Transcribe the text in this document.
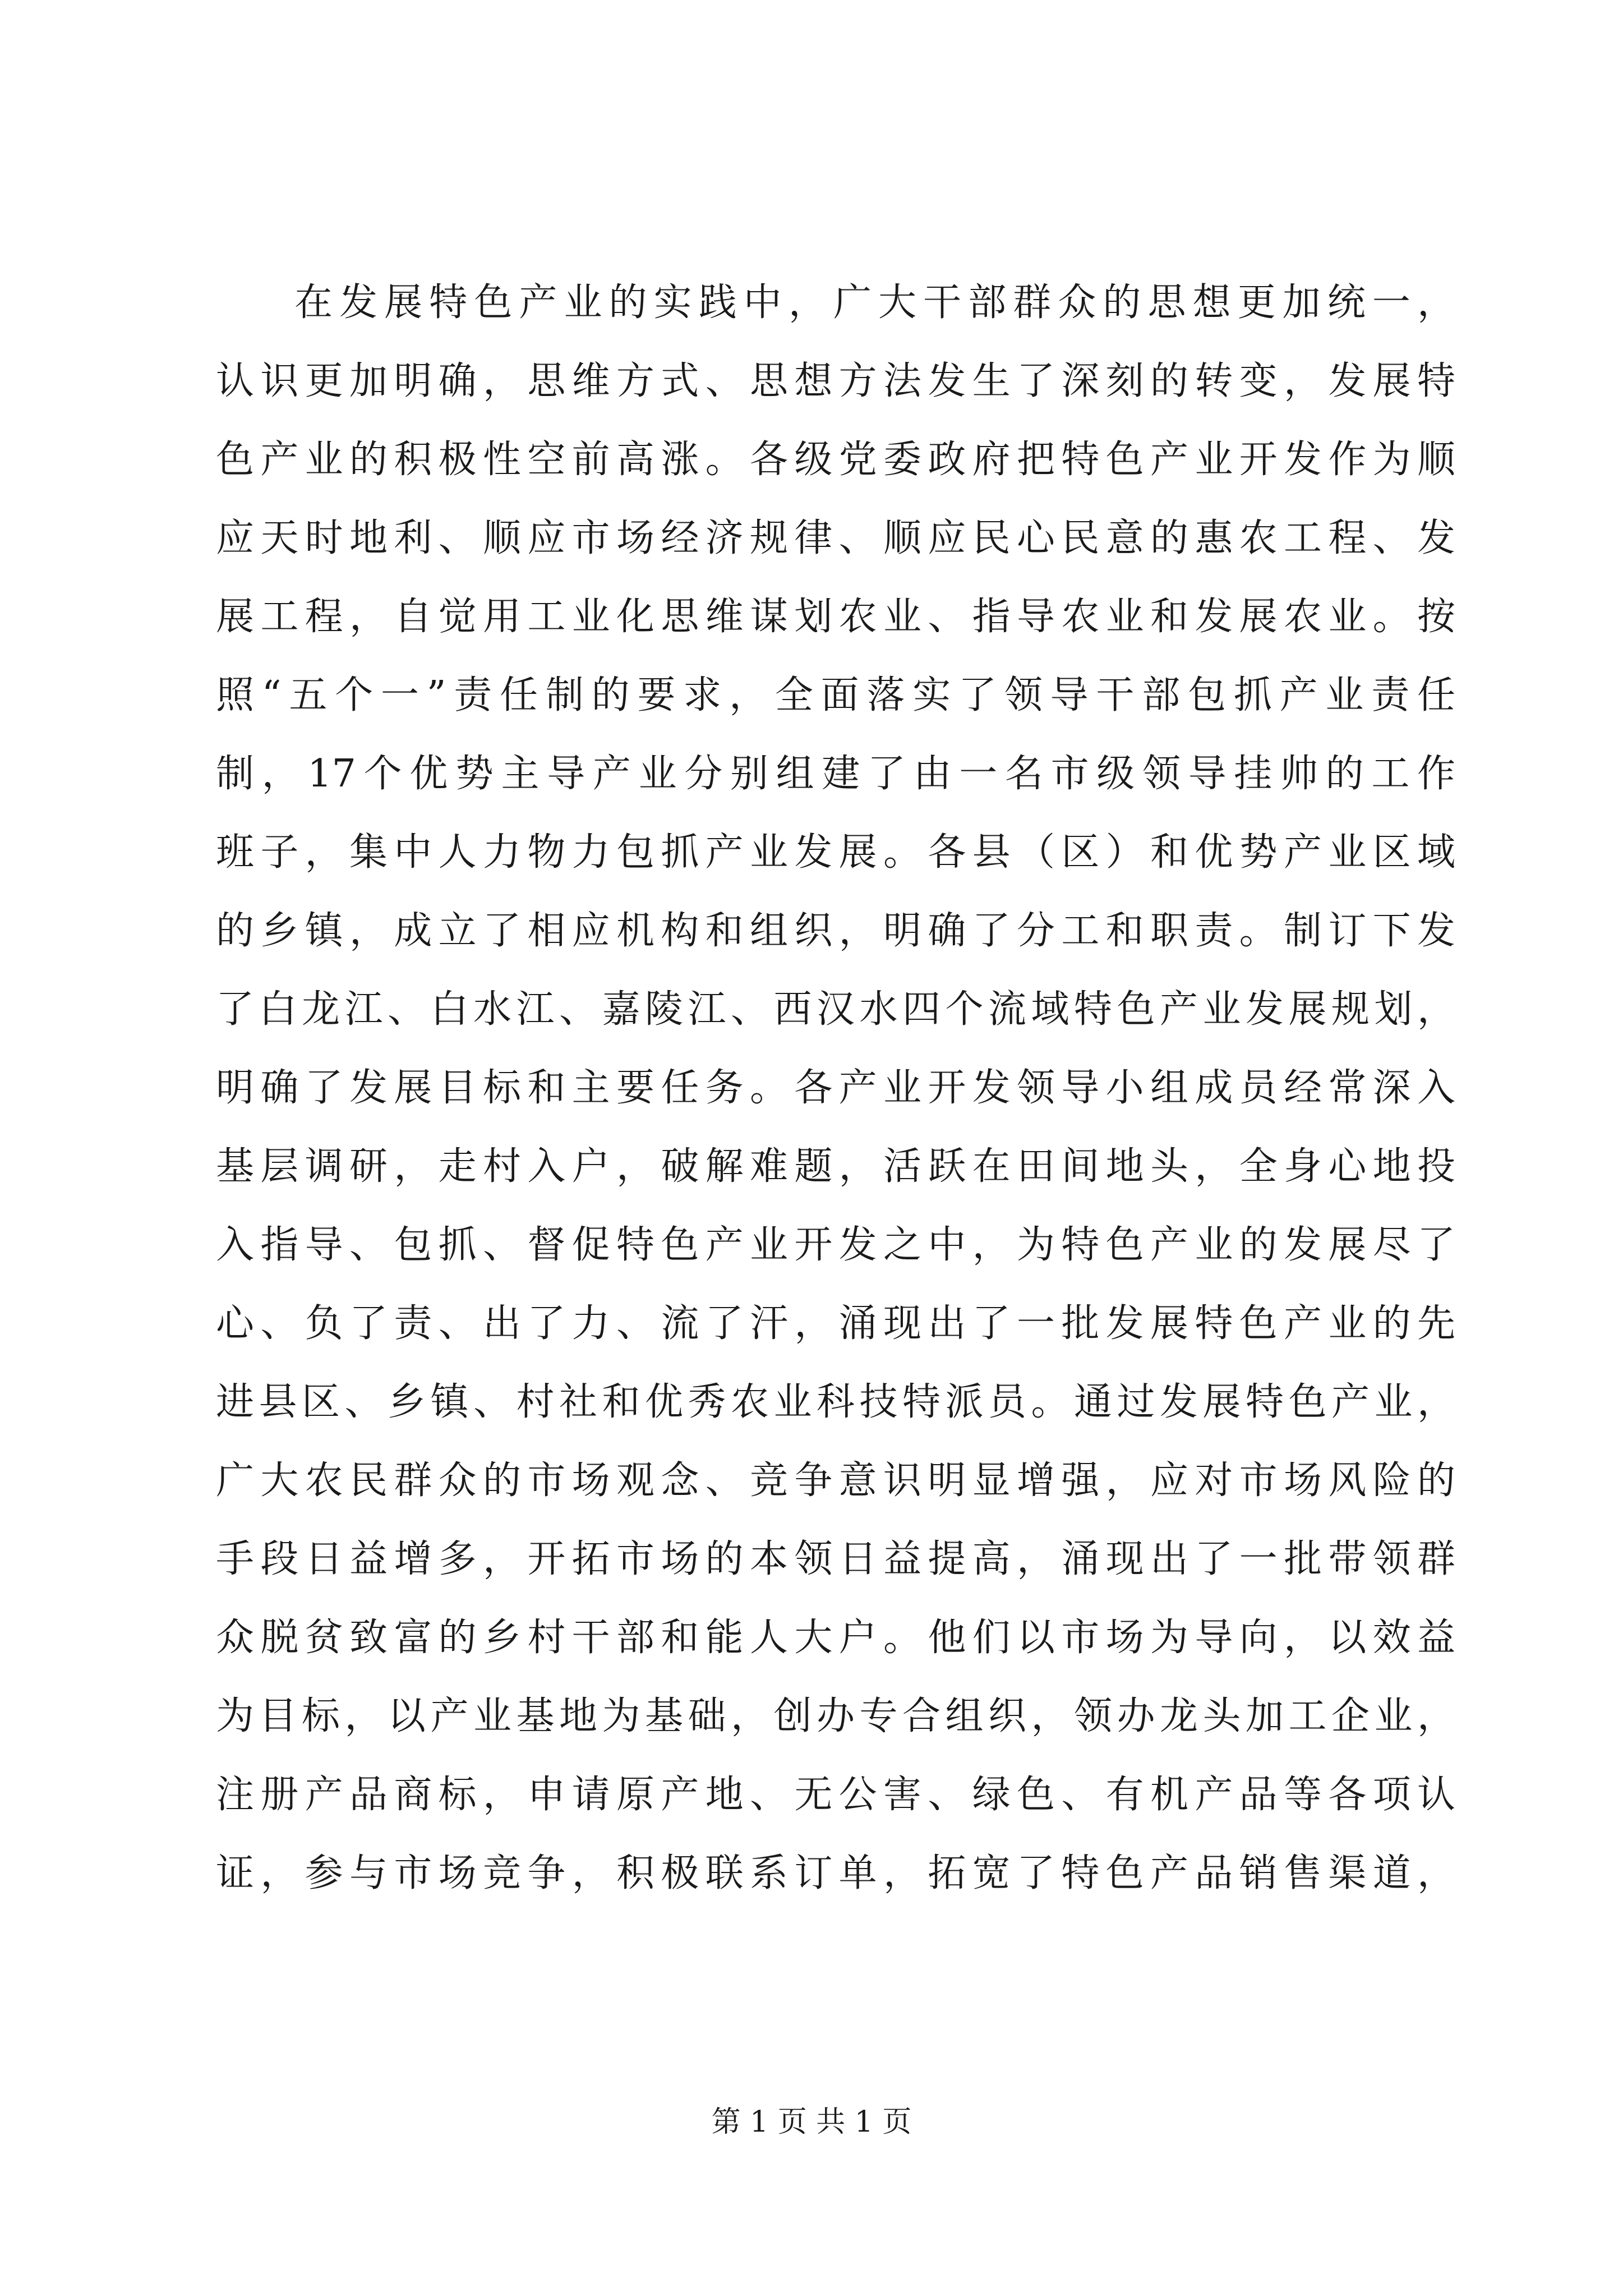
在发展特色产业的实践中，广大干部群众的思想更加统一，
认识更加明确，思维方式、思想方法发生了深刻的转变，发展特
色产业的积极性空前高涨。各级党委政府把特色产业开发作为顺
应天时地利、顺应市场经济规律、顺应民心民意的惠农工程、发
展工程，自觉用工业化思维谋划农业、指导农业和发展农业。按
照“五个一”责任制的要求，全面落实了领导干部包抓产业责任
制，17个优势主导产业分别组建了由一名市级领导挂帅的工作
班子，集中人力物力包抓产业发展。各县（区）和优势产业区域
的乡镇，成立了相应机构和组织，明确了分工和职责。制订下发
了白龙江、白水江、嘉陵江、西汉水四个流域特色产业发展规划，
明确了发展目标和主要任务。各产业开发领导小组成员经常深入
基层调研，走村入户，破解难题，活跃在田间地头，全身心地投
入指导、包抓、督促特色产业开发之中，为特色产业的发展尽了
心、负了责、出了力、流了汗，涌现出了一批发展特色产业的先
进县区、乡镇、村社和优秀农业科技特派员。通过发展特色产业，
广大农民群众的市场观念、竞争意识明显增强，应对市场风险的
手段日益增多，开拓市场的本领日益提高，涌现出了一批带领群
众脱贫致富的乡村干部和能人大户。他们以市场为导向，以效益
为目标，以产业基地为基础，创办专合组织，领办龙头加工企业，
注册产品商标，申请原产地、无公害、绿色、有机产品等各项认
证，参与市场竞争，积极联系订单，拓宽了特色产品销售渠道，
第 1 页 共 1 页
